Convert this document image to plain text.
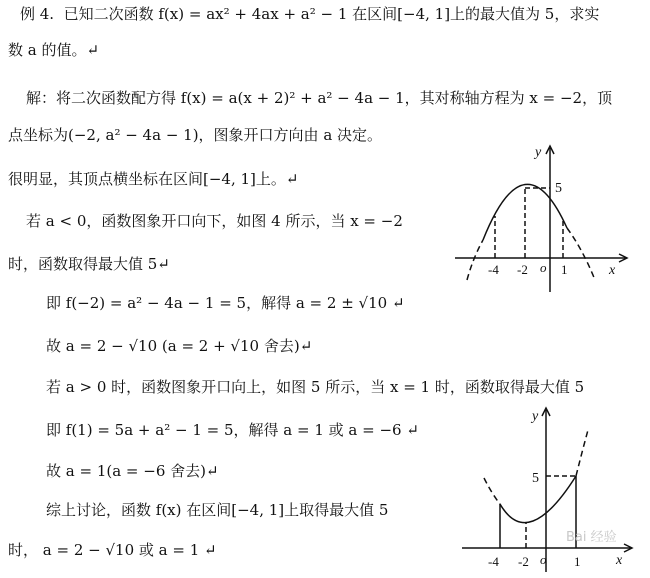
例 4.  已知二次函数 f(x) = ax² + 4ax + a² − 1 在区间[−4, 1]上的最大值为 5，求实
数 a 的值。↵
解：将二次函数配方得 f(x) = a(x + 2)² + a² − 4a − 1，其对称轴方程为 x = −2，顶
点坐标为(−2, a² − 4a − 1)，图象开口方向由 a 决定。
很明显，其顶点横坐标在区间[−4, 1]上。↵
若 a < 0，函数图象开口向下，如图 4 所示，当 x = −2
时，函数取得最大值 5↵
即 f(−2) = a² − 4a − 1 = 5，解得 a = 2 ± √10 ↵
故 a = 2 − √10 (a = 2 + √10 舍去)↵
若 a > 0 时，函数图象开口向上，如图 5 所示，当 x = 1 时，函数取得最大值 5
即 f(1) = 5a + a² − 1 = 5，解得 a = 1 或 a = −6 ↵
故 a = 1(a = −6 舍去)↵
综上讨论，函数 f(x) 在区间[−4, 1]上取得最大值 5
时， a = 2 − √10 或 a = 1 ↵
y
x
5
-4 -2 o 1
y
x
5
-4 -2 o 1
Bai 经验
